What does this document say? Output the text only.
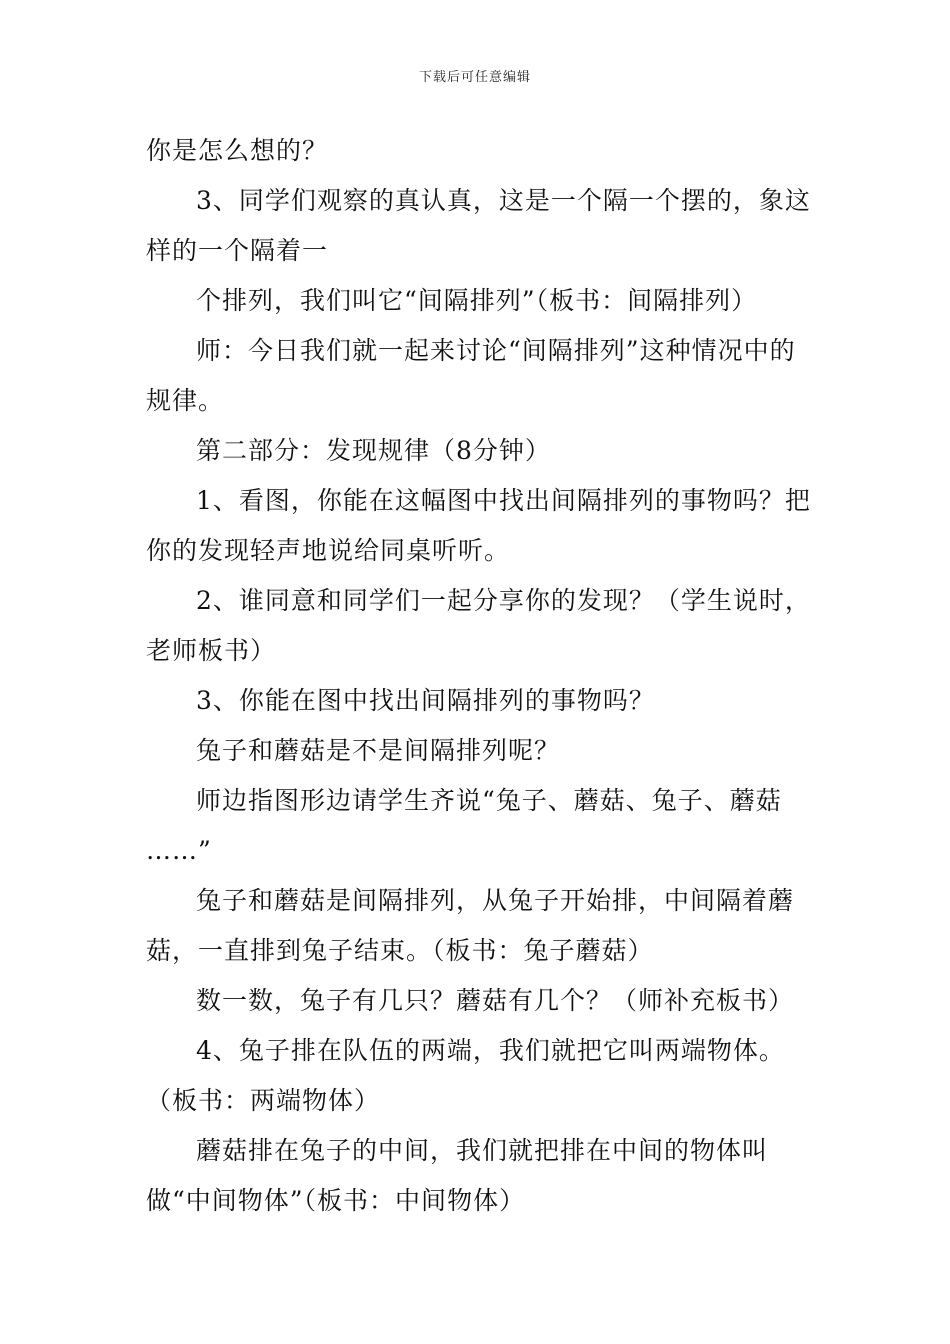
下载后可任意编辑

你是怎么想的？

3、同学们观察的真认真，这是一个隔一个摆的，象这样的一个隔着一

个排列，我们叫它“间隔排列”（板书：间隔排列）

师：今日我们就一起来讨论“间隔排列”这种情况中的规律。

第二部分：发现规律（8分钟）

1、看图，你能在这幅图中找出间隔排列的事物吗？把你的发现轻声地说给同桌听听。

2、谁同意和同学们一起分享你的发现？（学生说时，老师板书）

3、你能在图中找出间隔排列的事物吗？

兔子和蘑菇是不是间隔排列呢？

师边指图形边请学生齐说“兔子、蘑菇、兔子、蘑菇
……”

兔子和蘑菇是间隔排列，从兔子开始排，中间隔着蘑菇，一直排到兔子结束。（板书：兔子蘑菇）

数一数，兔子有几只？蘑菇有几个？（师补充板书）

4、兔子排在队伍的两端，我们就把它叫两端物体。（板书：两端物体）

蘑菇排在兔子的中间，我们就把排在中间的物体叫做“中间物体”（板书：中间物体）
